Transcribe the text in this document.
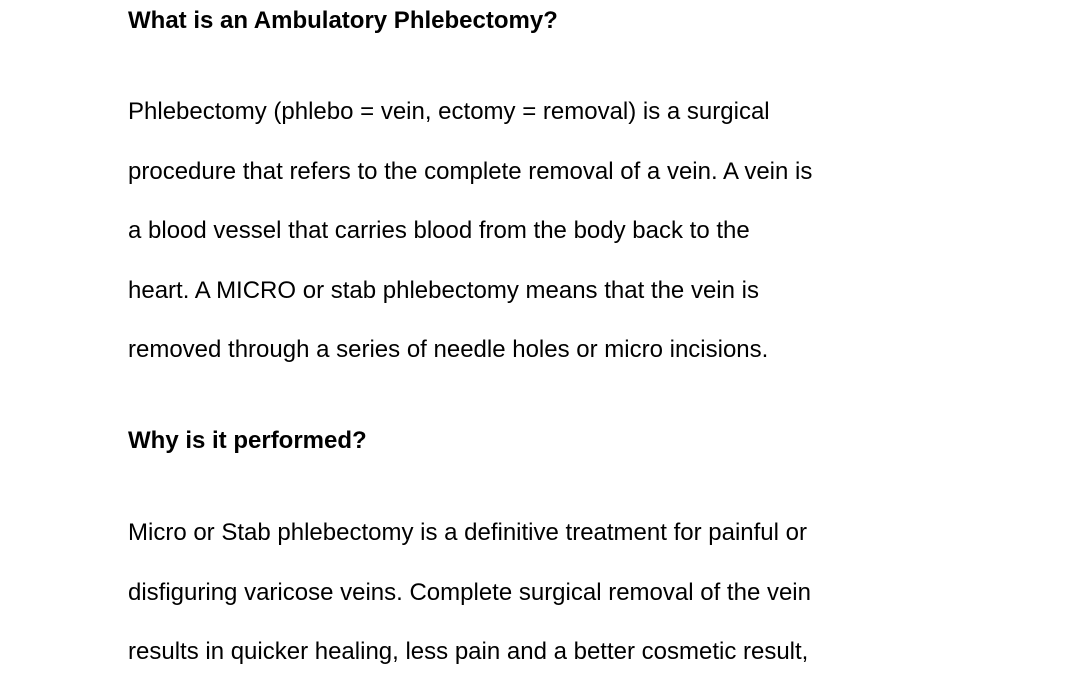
What is an Ambulatory Phlebectomy?

Phlebectomy (phlebo = vein, ectomy = removal) is a surgical
procedure that refers to the complete removal of a vein. A vein is
a blood vessel that carries blood from the body back to the
heart. A MICRO or stab phlebectomy means that the vein is
removed through a series of needle holes or micro incisions.

Why is it performed?

Micro or Stab phlebectomy is a definitive treatment for painful or
disfiguring varicose veins. Complete surgical removal of the vein
results in quicker healing, less pain and a better cosmetic result,
